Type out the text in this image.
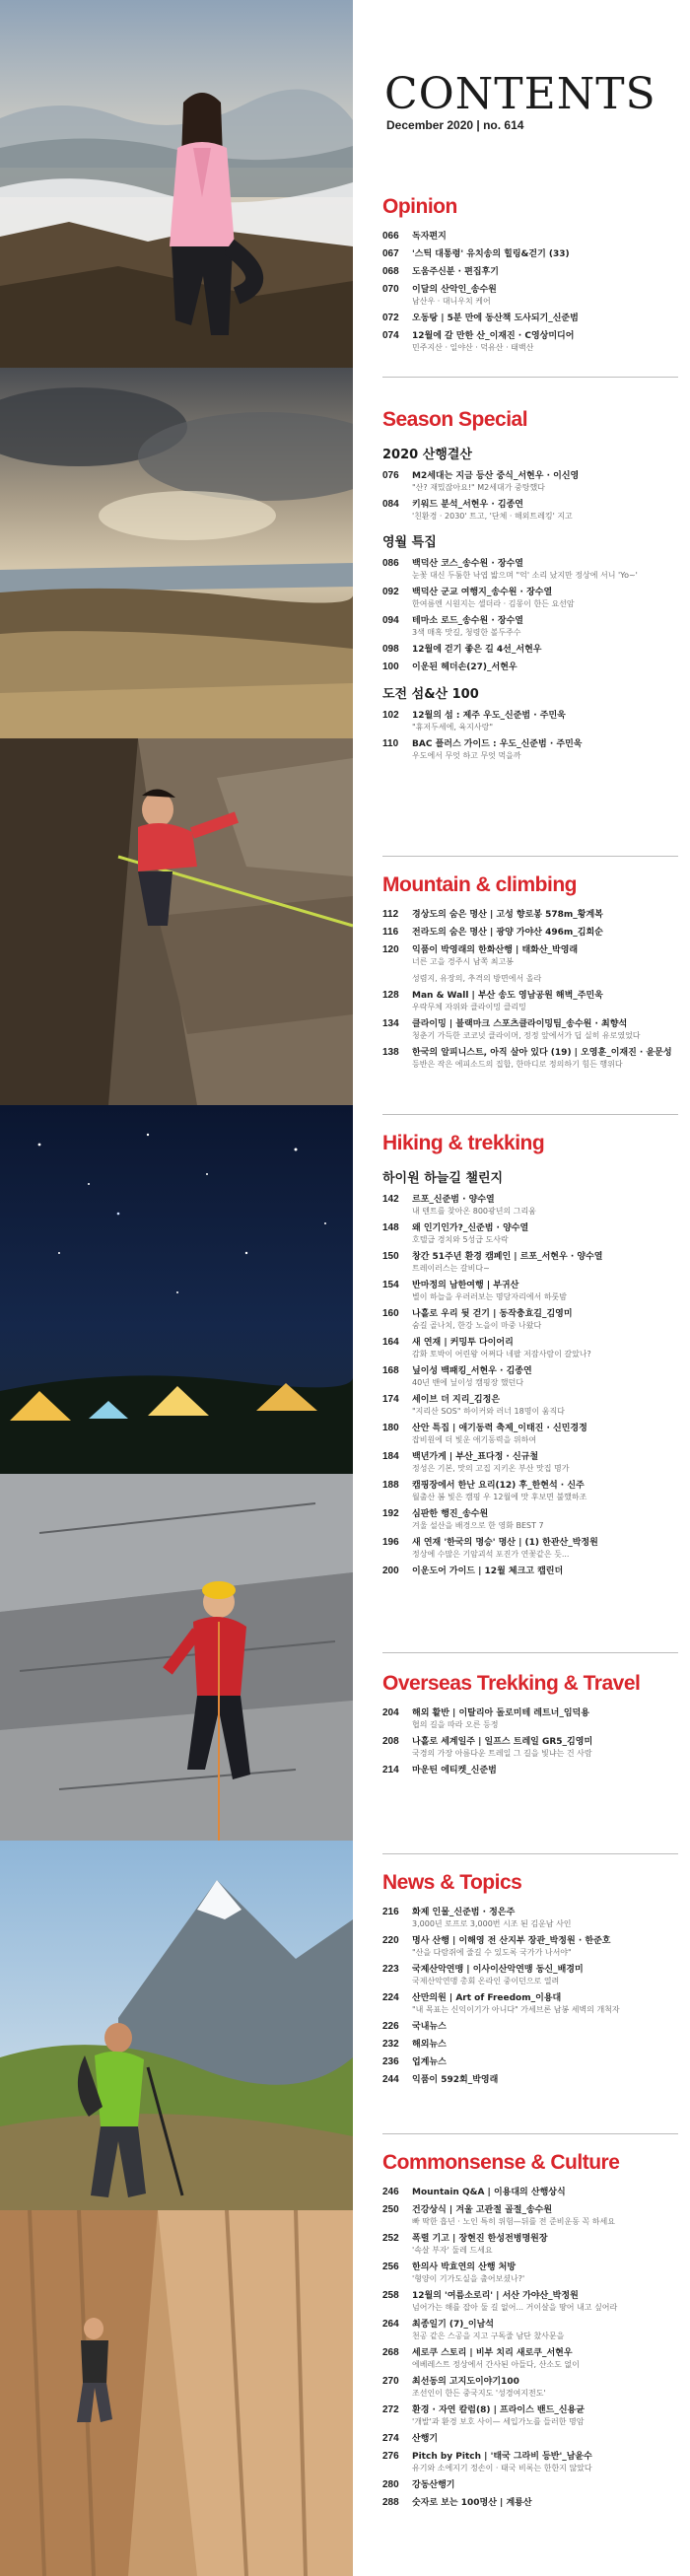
CONTENTS
December 2020 | no. 614
Opinion
066	독자편지
067	'스틱 대통령' 유치송의 힐링&걷기 (33)
068	도움주신분 · 편집후기
070	이달의 산악인_송수원
남산우 · 대니우치 케어
072	오동탕 | 5분 만에 동산책 도사되기_신준범
074	12월에 갈 만한 산_이재진 · C영상미디어
민주지산 · 일야산 · 덕유산 · 태백산
Season Special
2020 산행결산
076	M2세대는 지금 등산 중식_서현우 · 이신영
"산? 재밌잖아요!" M2세대가 중탕했다
084	키워드 분석_서현우 · 김종연
'친환경 · 2030' 트고, '단체 · 해외트레킹' 지고
영월 특집
086	백덕산 코스_송수원 · 장수열
눈꽃 대신 두툼한 낙엽 밟으며 "억' 소리 났지만 정상에 서니 'Yo~'
092	백덕산 군교 여행지_송수원 · 장수열
한여름엔 시원지는 셀더라 · 김몽이 한든 요선암
094	테마소 로드_송수원 · 장수열
3색 매혹 맛길, 청령한 볼두주수
098	12월에 걷기 좋은 길 4선_서현우
100	이운된 헤더손(27)_서현우
도전 섬&산 100
102	12월의 섬 : 제주 우도_신준범 · 주민욱
"휴저두세에, 육지사랑"
110	BAC 플러스 가이드 : 우도_신준범 · 주민욱
우도에서 무엇 하고 무엇 먹을까
Mountain & climbing
112	경상도의 숨은 명산 | 고성 향로봉 578m_황계복
116	전라도의 숨은 명산 | 광양 가야산 496m_김희순
120	익품이 박영래의 한화산행 | 태화산_박영래
너른 고을 경주시 남쪽 최고봉
성렴지, 유장의, 추격의 방면에서 올라
128	Man & Wall | 부산 송도 영남공원 해벽_주민욱
우락무체 자위와 클라이밍 클리밍
134	클라이밍 | 블랙마크 스포츠클라이밍팀_송수원 · 최향석
청춘기 가득한 코코넛 클라이머, 정정 앞에서가 딥 실히 유로였었다
138	한국의 알피니스트, 아직 살아 있다 (19) | 오영훈_이재진 · 윤문성
등반은 작은 에피소드의 집합, 한마디로 정의하기 힘든 행위다
Hiking & trekking
하이원 하늘길 챌린지
142	르포_신준범 · 양수열
내 텐트를 찾아온 800광년의 그리움
148	왜 인기인가?_신준범 · 양수열
호텔급 경치와 5성급 도사락
150	창간 51주년 환경 캠페인 | 르포_서현우 · 양수열
트레이러스는 갈비다~
154	반마정의 남한여행 | 부귀산
별이 하늘을 우러러보는 명당자리에서 하룻밤
160	나홀로 우리 뒷 걷기 | 동작충효길_김영미
숨길 골나치, 한강 노을이 마중 나왔다
164	새 연재 | 커밍투 다이어리
감화 토박이 어린왕 어쩌다 네팔 저잠사람이 갈았나?
168	닢이성 백패킹_서현우 · 김종연
40년 밴에 닢이성 캠핑장 했던다
174	세이브 더 지리_김정은
"지리산 SOS" 하이커와 러너 18명이 움직다
180	산안 특집 | 애기동력 축제_이태진 · 신민경정
잡비원에 더 빛운 애기동력을 위하여
184	백년가게 | 부산_표다정 · 신규철
정성은 기본, 맛의 고집 지키온 부산 맛집 명가
188	캠핑장에서 한난 요리(12) 후_한현석 · 신주
월출산 봄 빛은 캠핑 우 12월에 맛 후보면 불했하조
192	심판한 행진_송수원
겨울 설산을 배경으로 한 영화 BEST 7
196	새 연재 '한국의 명승' 명산 | (1) 한관산_박정원
정상에 수많은 기암괴석 포진가 연꽃같은 듯...
200	이운도어 가이드 | 12월 체크고 캡린더
Overseas Trekking & Travel
204	해외 활반 | 이탈리아 돌로미테 레트너_임덕용
협의 길을 따라 오른 등정
208	나홀로 세계일주 | 일프스 트레일 GR5_김영미
국경의 가장 아름다운 트레일 그 길을 빛냐는 건 사람
214	마운틴 에티켓_신준범
News & Topics
216	화제 인물_신준범 · 정은주
3,000년 로프로 3,000번 시조 된 김운남 사인
220	명사 산행 | 이해영 전 산지부 장관_박정원 · 한준호
"산을 다람쥐에 줄길 수 있도록 국가가 나서야"
223	국제산악연맹 | 이사이산악연맹 동신_배경미
국제산악연맹 총회 온라인 중이던으로 열려
224	산만의원 | Art of Freedom_이용대
"내 목표는 신익이기가 아니다" 가세브론 남봉 세벽의 개척자
226	국내뉴스
232	해외뉴스
236	업계뉴스
244	익품이 592회_박영래
Commonsense & Culture
246	Mountain Q&A | 이용대의 산행상식
250	건강상식 | 겨울 고관절 골절_송수원
빠 딱한 흡년 · 노인 특히 위험—뒤를 전 준비운동 꼭 하세요
252	폭렬 기고 | 장현진 한성전병명원장
'속살 부자' 둘레 드세요
256	한의사 박효연의 산행 처방
'형양이 기가도실을 출어보셨나?'
258	12월의 '여름소로리' | 서산 가야산_박정원
넘어가는 해를 잡아 둘 길 없어... 거이살을 땅어 내고 싶어라
264	최종일기 (7)_이남석
천공 같은 스공을 지고 구독줄 남단 찼사문을
268	세로쿠 스토리 | 비부 치리 새로쿠_서현우
에베레스트 정상에서 간사된 아들다, 산소도 없이
270	최선동의 고지도이야기100
조선인이 한든 중국지도 '성경여지전도'
272	환경 · 자연 칼럼(8) | 프라이스 밴드_신용균
'개발'과 환경 보호 사이— 세입가노를 들러한 명암
274	산행기
276	Pitch by Pitch | '태국 그라비 등반'_남윤수
유기와 소에지기 정손이 · 태국 비록는 한한지 않았다
280	강동산행기
288	숫자로 보는 100명산 | 계룡산
